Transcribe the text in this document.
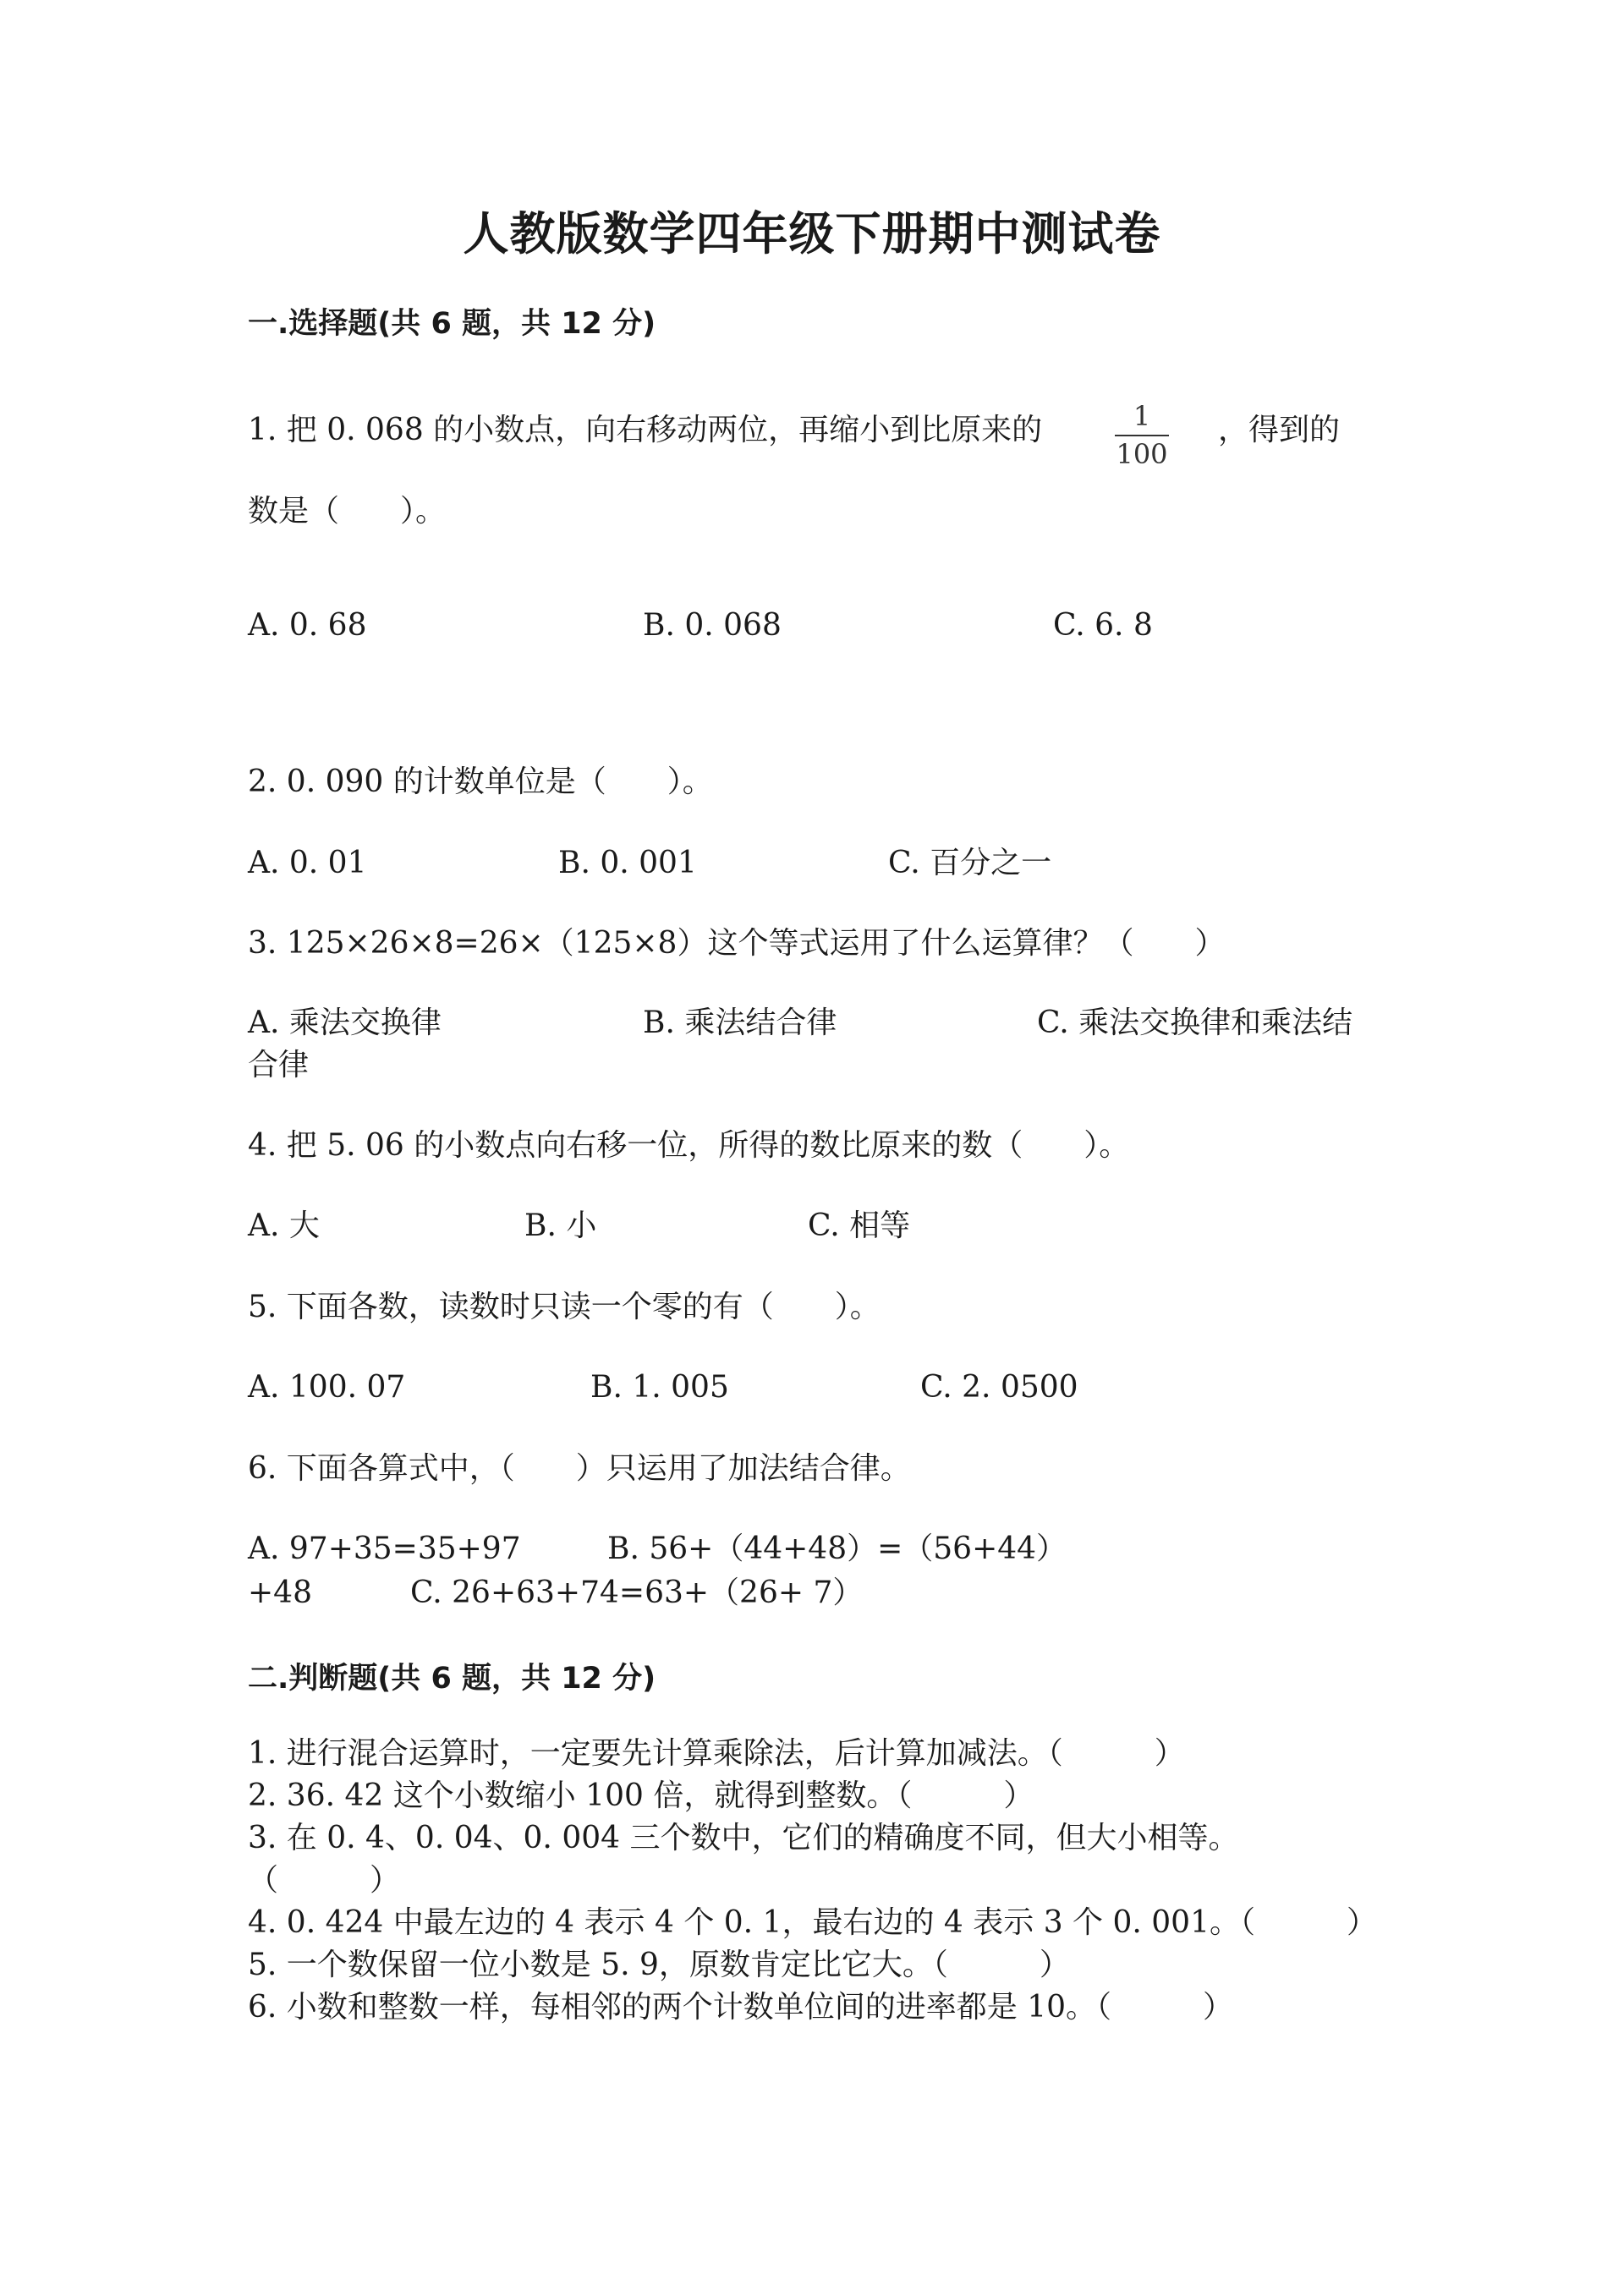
人教版数学四年级下册期中测试卷
一.选择题(共 6 题，共 12 分)
1. 把 0. 068 的小数点，向右移动两位，再缩小到比原来的	1
100
，得到的
数是（　　）。
A. 0. 68	B. 0. 068	C. 6. 8
2. 0. 090 的计数单位是（　　）。
A. 0. 01	B. 0. 001	C. 百分之一
3. 125×26×8=26×（125×8）这个等式运用了什么运算律？（　　）
A. 乘法交换律	B. 乘法结合律	C. 乘法交换律和乘法结
合律
4. 把 5. 06 的小数点向右移一位，所得的数比原来的数（　　）。
A. 大	B. 小	C. 相等
5. 下面各数，读数时只读一个零的有（　　）。
A. 100. 07	B. 1. 005	C. 2. 0500
6. 下面各算式中，（　　）只运用了加法结合律。
A. 97+35=35+97	B. 56+（44+48）=（56+44）
+48	C. 26+63+74=63+（26+ 7）
二.判断题(共 6 题，共 12 分)
1. 进行混合运算时，一定要先计算乘除法，后计算加减法。（　　　）
2. 36. 42 这个小数缩小 100 倍，就得到整数。（　　　）
3. 在 0. 4、0. 04、0. 004 三个数中，它们的精确度不同，但大小相等。
（　　　）
4. 0. 424 中最左边的 4 表示 4 个 0. 1，最右边的 4 表示 3 个 0. 001。（　　　）
5. 一个数保留一位小数是 5. 9，原数肯定比它大。（　　　）
6. 小数和整数一样，每相邻的两个计数单位间的进率都是 10。（　　　）
